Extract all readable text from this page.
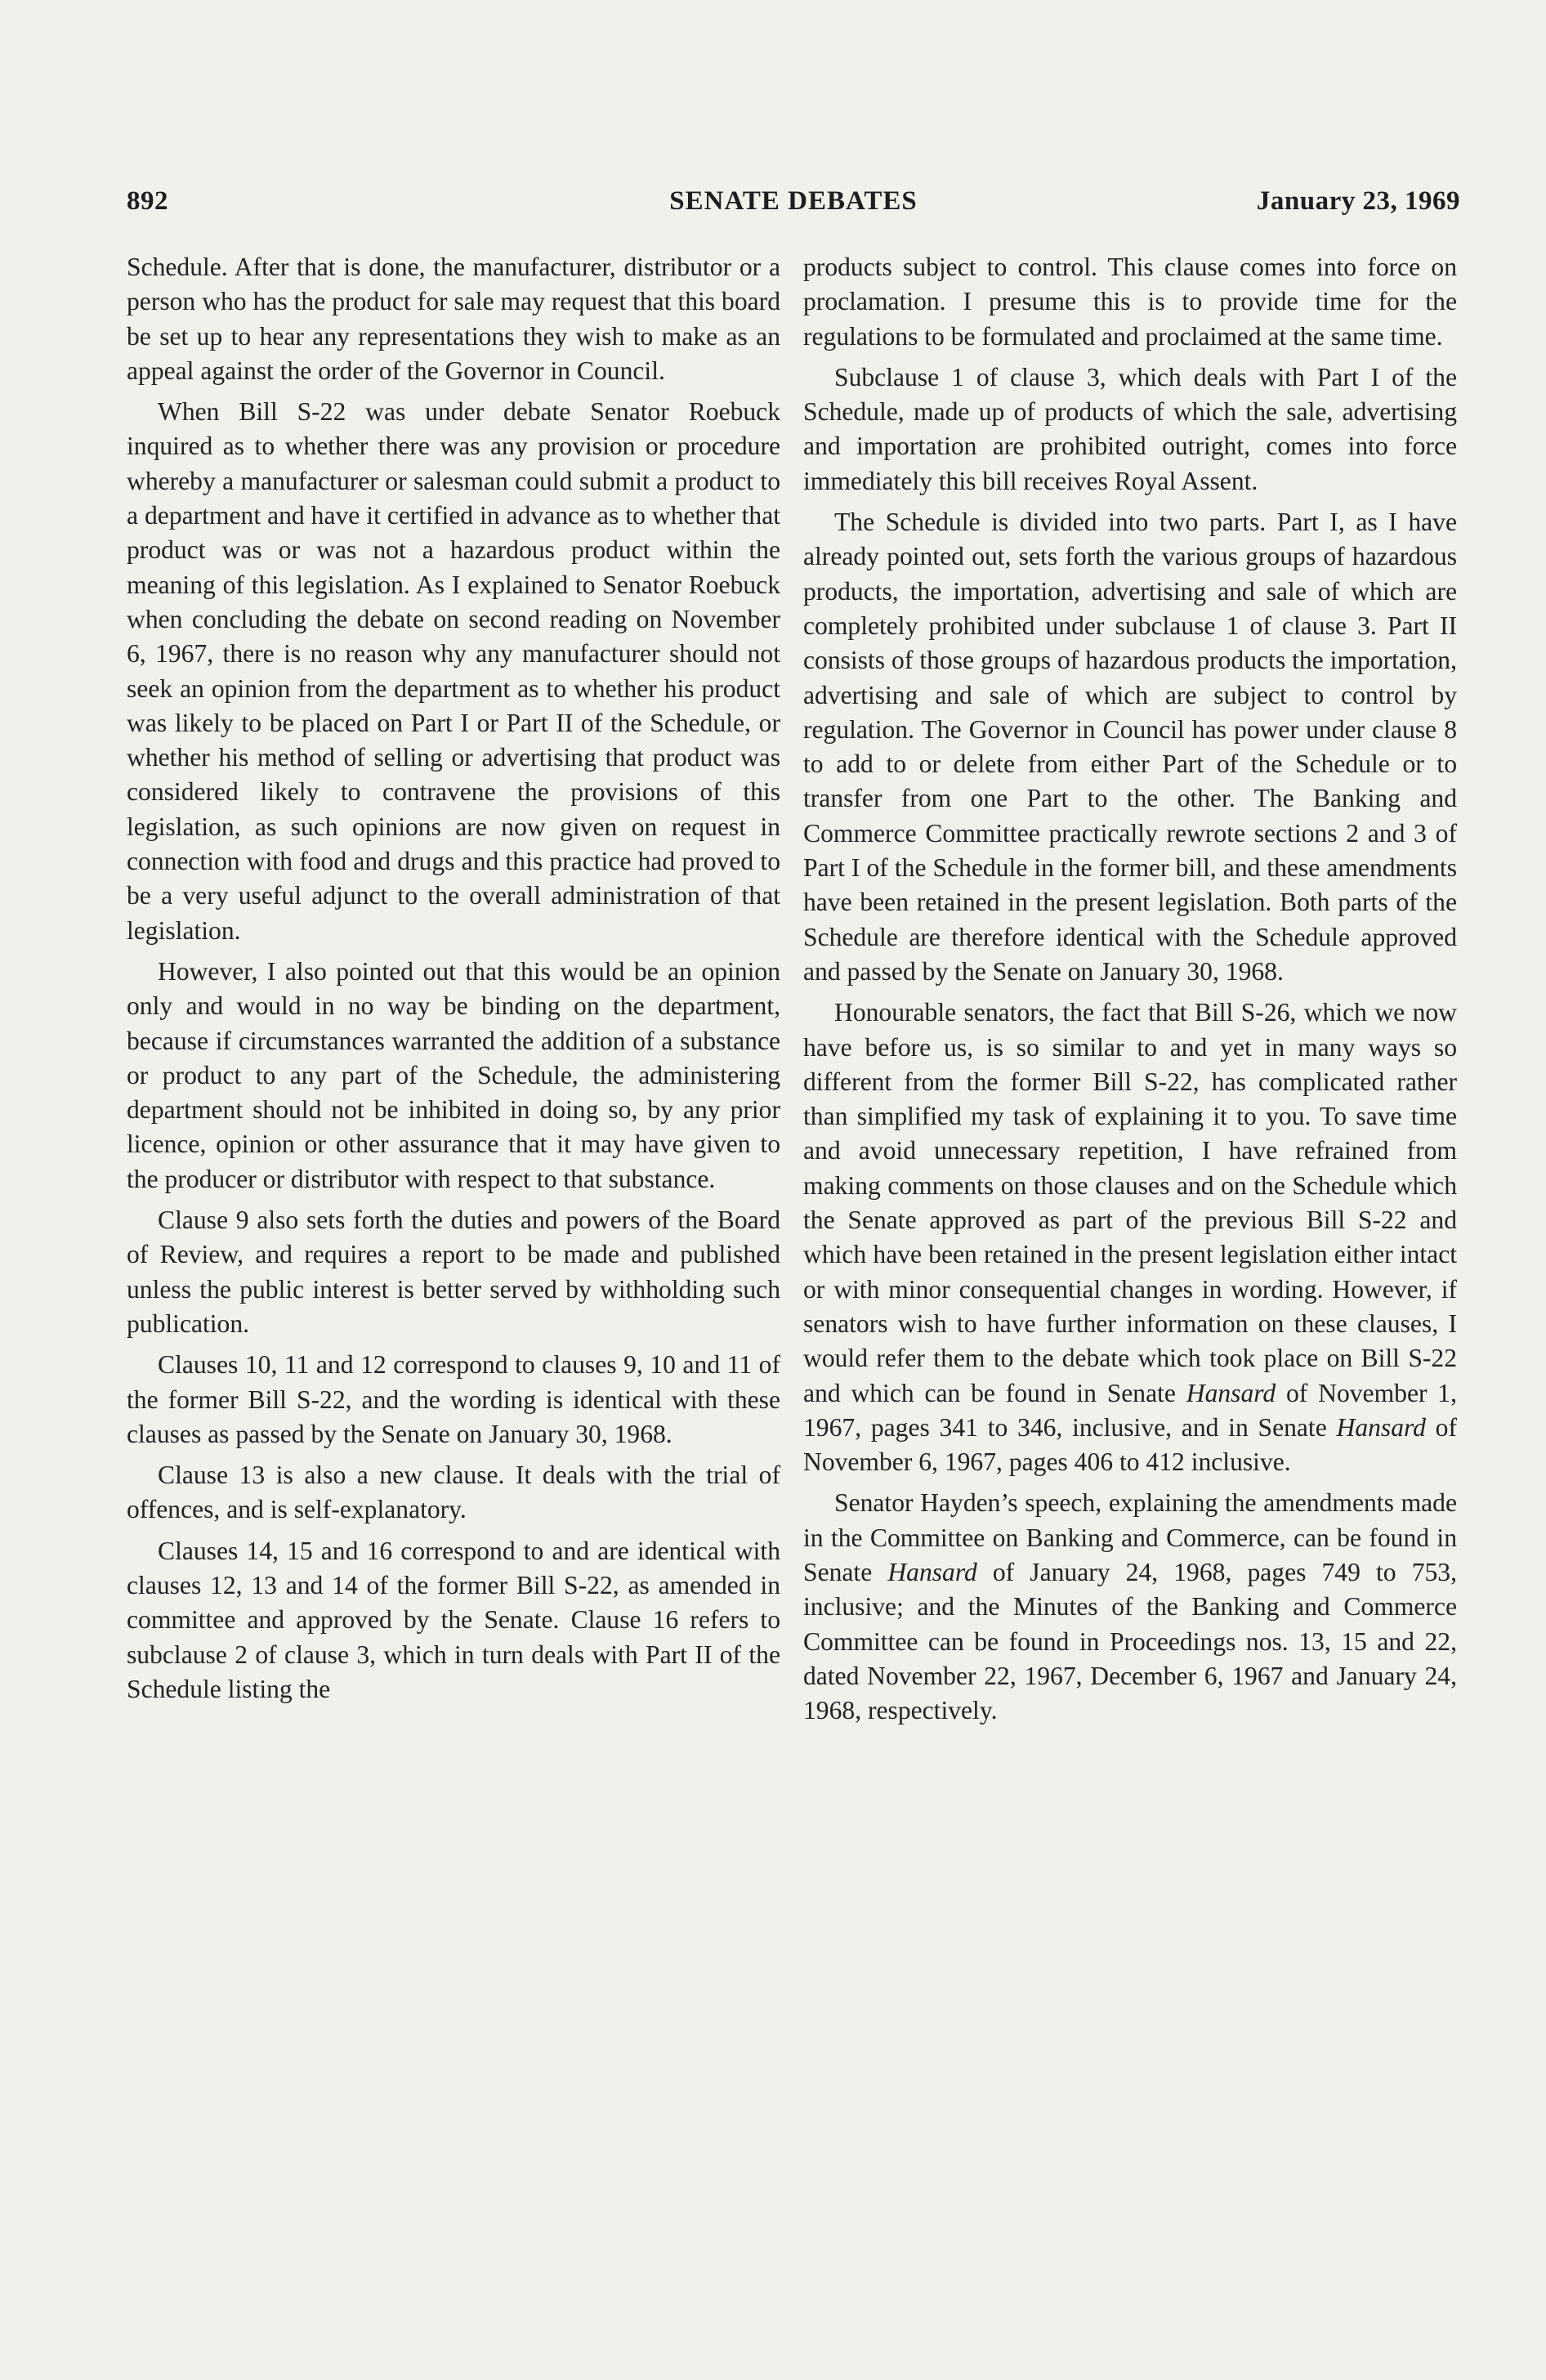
892	SENATE DEBATES	January 23, 1969

Schedule. After that is done, the manufacturer, distributor or a person who has the product for sale may request that this board be set up to hear any representations they wish to make as an appeal against the order of the Governor in Council.

When Bill S-22 was under debate Senator Roebuck inquired as to whether there was any provision or procedure whereby a manufacturer or salesman could submit a product to a department and have it certified in advance as to whether that product was or was not a hazardous product within the meaning of this legislation. As I explained to Senator Roebuck when concluding the debate on second reading on November 6, 1967, there is no reason why any manufacturer should not seek an opinion from the department as to whether his product was likely to be placed on Part I or Part II of the Schedule, or whether his method of selling or advertising that product was considered likely to contravene the provisions of this legislation, as such opinions are now given on request in connection with food and drugs and this practice had proved to be a very useful adjunct to the overall administration of that legislation.

However, I also pointed out that this would be an opinion only and would in no way be binding on the department, because if circumstances warranted the addition of a substance or product to any part of the Schedule, the administering department should not be inhibited in doing so, by any prior licence, opinion or other assurance that it may have given to the producer or distributor with respect to that substance.

Clause 9 also sets forth the duties and powers of the Board of Review, and requires a report to be made and published unless the public interest is better served by withholding such publication.

Clauses 10, 11 and 12 correspond to clauses 9, 10 and 11 of the former Bill S-22, and the wording is identical with these clauses as passed by the Senate on January 30, 1968.

Clause 13 is also a new clause. It deals with the trial of offences, and is self-explanatory.

Clauses 14, 15 and 16 correspond to and are identical with clauses 12, 13 and 14 of the former Bill S-22, as amended in committee and approved by the Senate. Clause 16 refers to subclause 2 of clause 3, which in turn deals with Part II of the Schedule listing the

products subject to control. This clause comes into force on proclamation. I presume this is to provide time for the regulations to be formulated and proclaimed at the same time.

Subclause 1 of clause 3, which deals with Part I of the Schedule, made up of products of which the sale, advertising and importation are prohibited outright, comes into force immediately this bill receives Royal Assent.

The Schedule is divided into two parts. Part I, as I have already pointed out, sets forth the various groups of hazardous products, the importation, advertising and sale of which are completely prohibited under subclause 1 of clause 3. Part II consists of those groups of hazardous products the importation, advertising and sale of which are subject to control by regulation. The Governor in Council has power under clause 8 to add to or delete from either Part of the Schedule or to transfer from one Part to the other. The Banking and Commerce Committee practically rewrote sections 2 and 3 of Part I of the Schedule in the former bill, and these amendments have been retained in the present legislation. Both parts of the Schedule are therefore identical with the Schedule approved and passed by the Senate on January 30, 1968.

Honourable senators, the fact that Bill S-26, which we now have before us, is so similar to and yet in many ways so different from the former Bill S-22, has complicated rather than simplified my task of explaining it to you. To save time and avoid unnecessary repetition, I have refrained from making comments on those clauses and on the Schedule which the Senate approved as part of the previous Bill S-22 and which have been retained in the present legislation either intact or with minor consequential changes in wording. However, if senators wish to have further information on these clauses, I would refer them to the debate which took place on Bill S-22 and which can be found in Senate Hansard of November 1, 1967, pages 341 to 346, inclusive, and in Senate Hansard of November 6, 1967, pages 406 to 412 inclusive.

Senator Hayden’s speech, explaining the amendments made in the Committee on Banking and Commerce, can be found in Senate Hansard of January 24, 1968, pages 749 to 753, inclusive; and the Minutes of the Banking and Commerce Committee can be found in Proceedings nos. 13, 15 and 22, dated November 22, 1967, December 6, 1967 and January 24, 1968, respectively.
